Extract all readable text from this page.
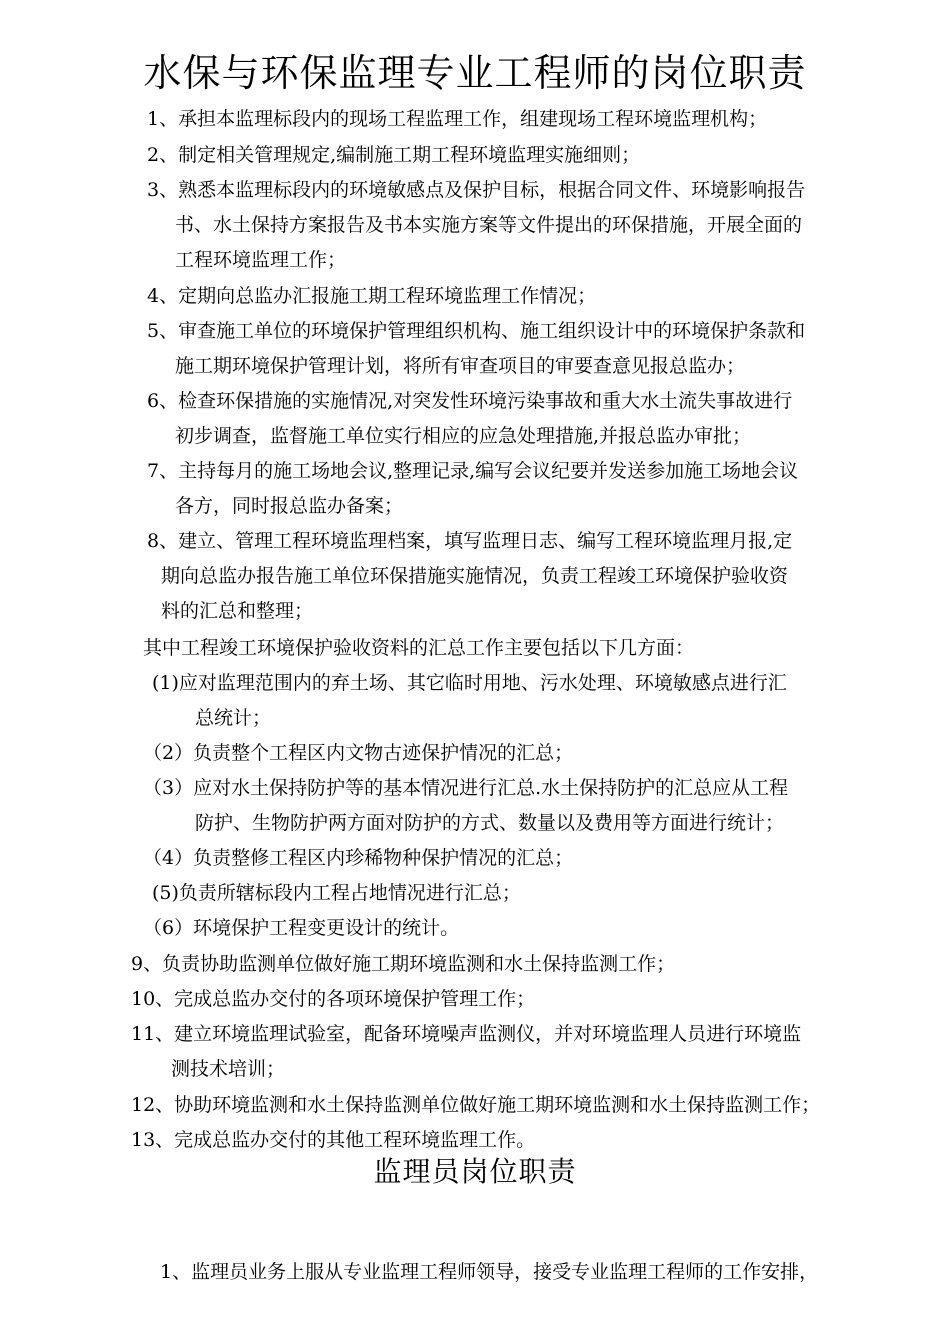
水保与环保监理专业工程师的岗位职责
1、承担本监理标段内的现场工程监理工作，组建现场工程环境监理机构；
2、制定相关管理规定,编制施工期工程环境监理实施细则；
3、熟悉本监理标段内的环境敏感点及保护目标，根据合同文件、环境影响报告
书、水土保持方案报告及书本实施方案等文件提出的环保措施，开展全面的
工程环境监理工作；
4、定期向总监办汇报施工期工程环境监理工作情况；
5、审查施工单位的环境保护管理组织机构、施工组织设计中的环境保护条款和
施工期环境保护管理计划，将所有审查项目的审要查意见报总监办；
6、检查环保措施的实施情况,对突发性环境污染事故和重大水土流失事故进行
初步调查，监督施工单位实行相应的应急处理措施,并报总监办审批；
7、主持每月的施工场地会议,整理记录,编写会议纪要并发送参加施工场地会议
各方，同时报总监办备案；
8、建立、管理工程环境监理档案，填写监理日志、编写工程环境监理月报,定
期向总监办报告施工单位环保措施实施情况，负责工程竣工环境保护验收资
料的汇总和整理；
其中工程竣工环境保护验收资料的汇总工作主要包括以下几方面：
(1)应对监理范围内的弃土场、其它临时用地、污水处理、环境敏感点进行汇
总统计；
（2）负责整个工程区内文物古迹保护情况的汇总；
（3）应对水土保持防护等的基本情况进行汇总.水土保持防护的汇总应从工程
防护、生物防护两方面对防护的方式、数量以及费用等方面进行统计；
（4）负责整修工程区内珍稀物种保护情况的汇总；
(5)负责所辖标段内工程占地情况进行汇总；
（6）环境保护工程变更设计的统计。
9、负责协助监测单位做好施工期环境监测和水土保持监测工作；
10、完成总监办交付的各项环境保护管理工作；
11、建立环境监理试验室，配备环境噪声监测仪，并对环境监理人员进行环境监
测技术培训；
12、协助环境监测和水土保持监测单位做好施工期环境监测和水土保持监测工作；
13、完成总监办交付的其他工程环境监理工作。
监理员岗位职责
1、监理员业务上服从专业监理工程师领导，接受专业监理工程师的工作安排，
